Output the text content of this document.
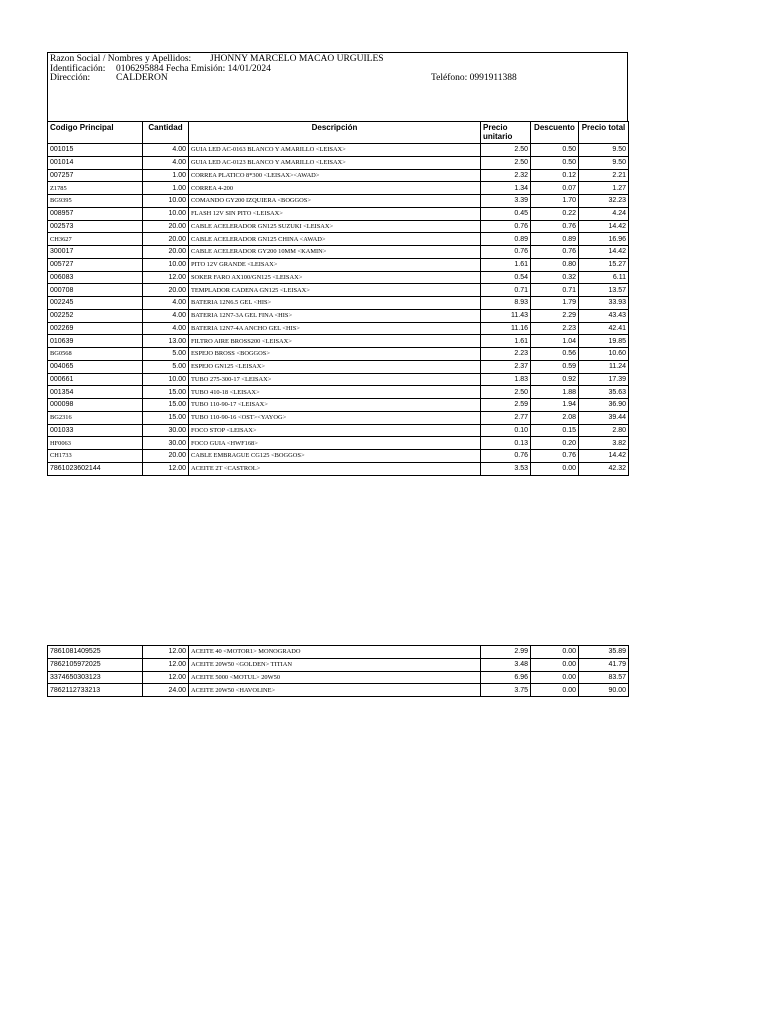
Razon Social / Nombres y Apellidos: JHONNY MARCELO MACAO URGUILES
Identificación: 0106295884 Fecha Emisión: 14/01/2024
Dirección:	CALDERON	Teléfono: 0991911388
Codigo Principal	Cantidad	Descripción	Precio unitario	Descuento	Precio total
001015	4.00	GUIA LED AC-0163 BLANCO Y AMARILLO <LEISAX>	2.50	0.50	9.50
001014	4.00	GUIA LED AC-0123 BLANCO Y AMARILLO <LEISAX>	2.50	0.50	9.50
007257	1.00	CORREA PLATICO 8*300 <LEISAX><AWAD>	2.32	0.12	2.21
Z1785	1.00	CORREA 4-200	1.34	0.07	1.27
BG9395	10.00	COMANDO GY200 IZQUIERA <BOGGOS>	3.39	1.70	32.23
008957	10.00	FLASH 12V SIN PITO <LEISAX>	0.45	0.22	4.24
002573	20.00	CABLE ACELERADOR GN125 SUZUKI <LEISAX>	0.76	0.76	14.42
CH3627	20.00	CABLE ACELERADOR GN125 CHINA <AWAD>	0.89	0.89	16.96
300017	20.00	CABLE ACELERADOR GY200 10MM <KAMIN>	0.76	0.76	14.42
005727	10.00	PITO 12V GRANDE <LEISAX>	1.61	0.80	15.27
006083	12.00	SOKER FARO AX100/GN125 <LEISAX>	0.54	0.32	6.11
000708	20.00	TEMPLADOR CADENA GN125 <LEISAX>	0.71	0.71	13.57
002245	4.00	BATERIA 12N6.5 GEL <HIS>	8.93	1.79	33.93
002252	4.00	BATERIA 12N7-3A GEL FINA <HIS>	11.43	2.29	43.43
002269	4.00	BATERIA 12N7-4A ANCHO GEL <HIS>	11.16	2.23	42.41
010639	13.00	FILTRO AIRE BROSS200 <LEISAX>	1.61	1.04	19.85
BG0568	5.00	ESPEJO BROSS <BOGGOS>	2.23	0.56	10.60
004065	5.00	ESPEJO GN125 <LEISAX>	2.37	0.59	11.24
000661	10.00	TUBO 275-300-17 <LEISAX>	1.83	0.92	17.39
001354	15.00	TUBO 410-18 <LEISAX>	2.50	1.88	35.63
000098	15.00	TUBO 110-90-17 <LEISAX>	2.59	1.94	36.90
BG2316	15.00	TUBO 110-90-16 <OST><YAYOG>	2.77	2.08	39.44
001033	30.00	FOCO STOP <LEISAX>	0.10	0.15	2.80
HF0063	30.00	FOCO GUIA <HWF168>	0.13	0.20	3.82
CH1733	20.00	CABLE EMBRAGUE CG125 <BOGGOS>	0.76	0.76	14.42
7861023602144	12.00	ACEITE 2T <CASTROL>	3.53	0.00	42.32
7861081409525	12.00	ACEITE 40 <MOTOR1> MONOGRADO	2.99	0.00	35.89
7862105972025	12.00	ACEITE 20W50 <GOLDEN> TITIAN	3.48	0.00	41.79
3374650303123	12.00	ACEITE 5000 <MOTUL> 20W50	6.96	0.00	83.57
7862112733213	24.00	ACEITE 20W50 <HAVOLINE>	3.75	0.00	90.00
